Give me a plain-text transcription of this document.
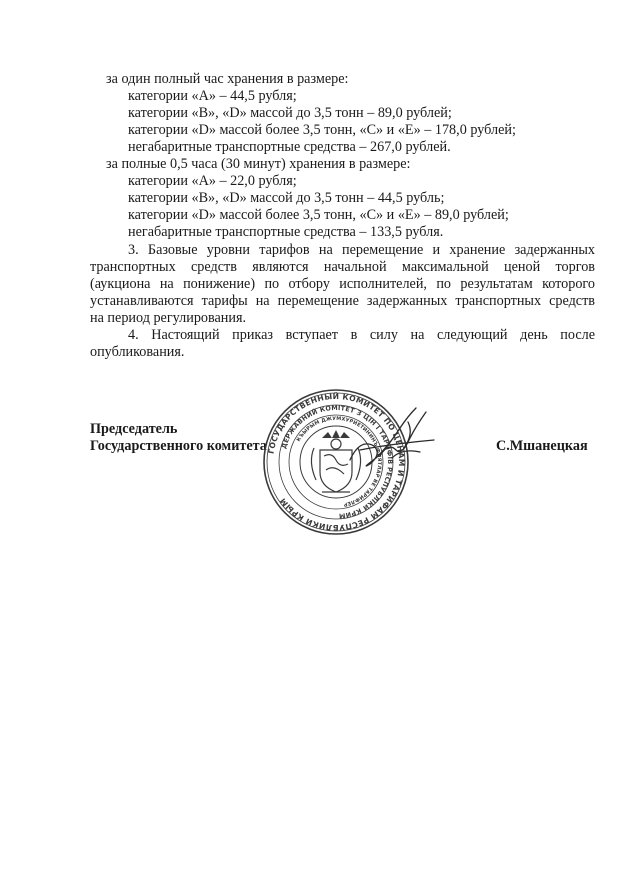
за один полный час хранения в размере:
категории «А» – 44,5 рубля;
категории «В», «D» массой до 3,5 тонн – 89,0 рублей;
категории «D» массой более 3,5 тонн, «С» и «Е» – 178,0 рублей;
негабаритные транспортные средства – 267,0 рублей.
за полные 0,5 часа (30 минут) хранения в размере:
категории «А» – 22,0 рубля;
категории «В», «D» массой до 3,5 тонн – 44,5 рубль;
категории «D» массой более 3,5 тонн, «С» и «Е» – 89,0 рублей;
негабаритные транспортные средства – 133,5 рубля.
3. Базовые уровни тарифов на перемещение и хранение задержанных
транспортных средств являются начальной максимальной ценой торгов
(аукциона на понижение) по отбору исполнителей, по результатам которого
устанавливаются тарифы на перемещение задержанных транспортных средств
на период регулирования.
4. Настоящий приказ вступает в силу на следующий день после
опубликования.
Председатель
Государственного комитета	С.Мшанецкая
ГОСУДАРСТВЕННЫЙ КОМИТЕТ ПО ЦЕНАМ И ТАРИФАМ РЕСПУБЛИКИ КРЫМ
ДЕРЖАВНИЙ КОМІТЕТ З ЦІН І ТАРИФІВ РЕСПУБЛІКИ КРИМ
КЪЫРЫМ ДЖУМХУРИЕТИНИНЪ ФИЯТЛАР ВЕ ТАРИФЛЕР
